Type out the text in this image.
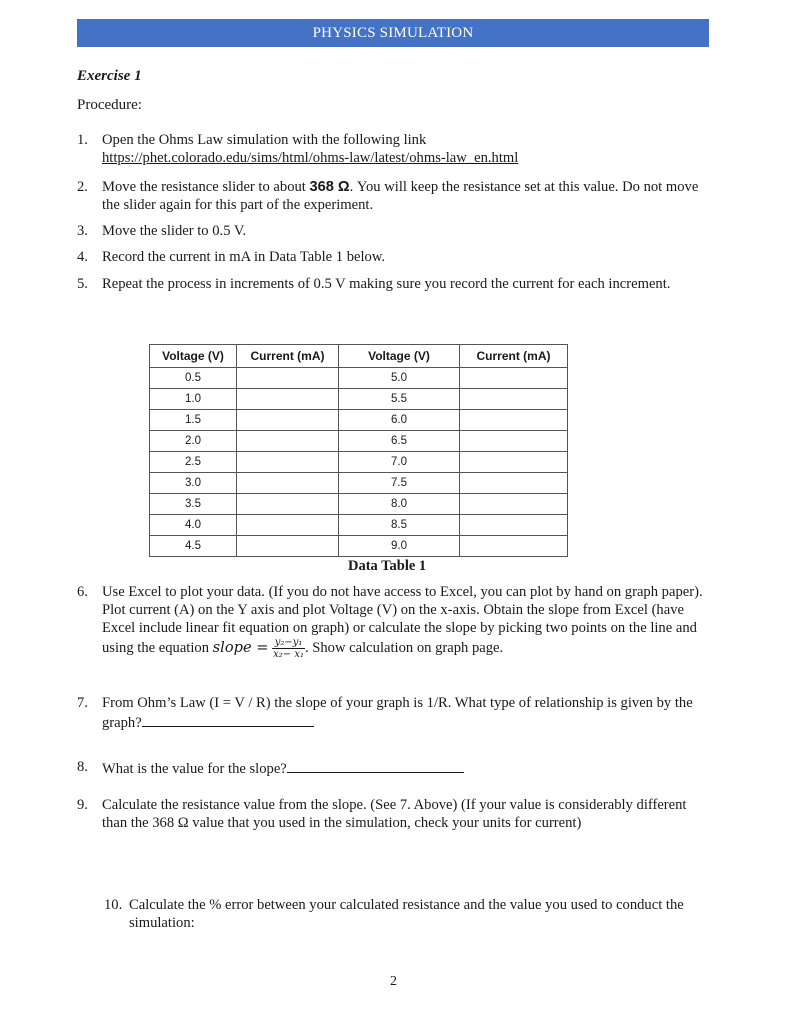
PHYSICS SIMULATION
Exercise 1
Procedure:
1. Open the Ohms Law simulation with the following link
https://phet.colorado.edu/sims/html/ohms-law/latest/ohms-law_en.html
2. Move the resistance slider to about 368 Ω. You will keep the resistance set at this value. Do not move the slider again for this part of the experiment.
3. Move the slider to 0.5 V.
4. Record the current in mA in Data Table 1 below.
5. Repeat the process in increments of 0.5 V making sure you record the current for each increment.
Voltage (V)	Current (mA)	Voltage (V)	Current (mA)
0.5		5.0	
1.0		5.5	
1.5		6.0	
2.0		6.5	
2.5		7.0	
3.0		7.5	
3.5		8.0	
4.0		8.5	
4.5		9.0	
Data Table 1
6. Use Excel to plot your data. (If you do not have access to Excel, you can plot by hand on graph paper). Plot current (A) on the Y axis and plot Voltage (V) on the x-axis. Obtain the slope from Excel (have Excel include linear fit equation on graph) or calculate the slope by picking two points on the line and using the equation slope = $\frac{\text{y₂−y₁}}{\text{x₂− x₁}}$ . Show calculation on graph page.
7. From Ohm’s Law (I = V / R) the slope of your graph is 1/R. What type of relationship is given by the graph?
8. What is the value for the slope?
9. Calculate the resistance value from the slope. (See 7. Above) (If your value is considerably different than the 368 Ω value that you used in the simulation, check your units for current)
10. Calculate the % error between your calculated resistance and the value you used to conduct the simulation:
2
